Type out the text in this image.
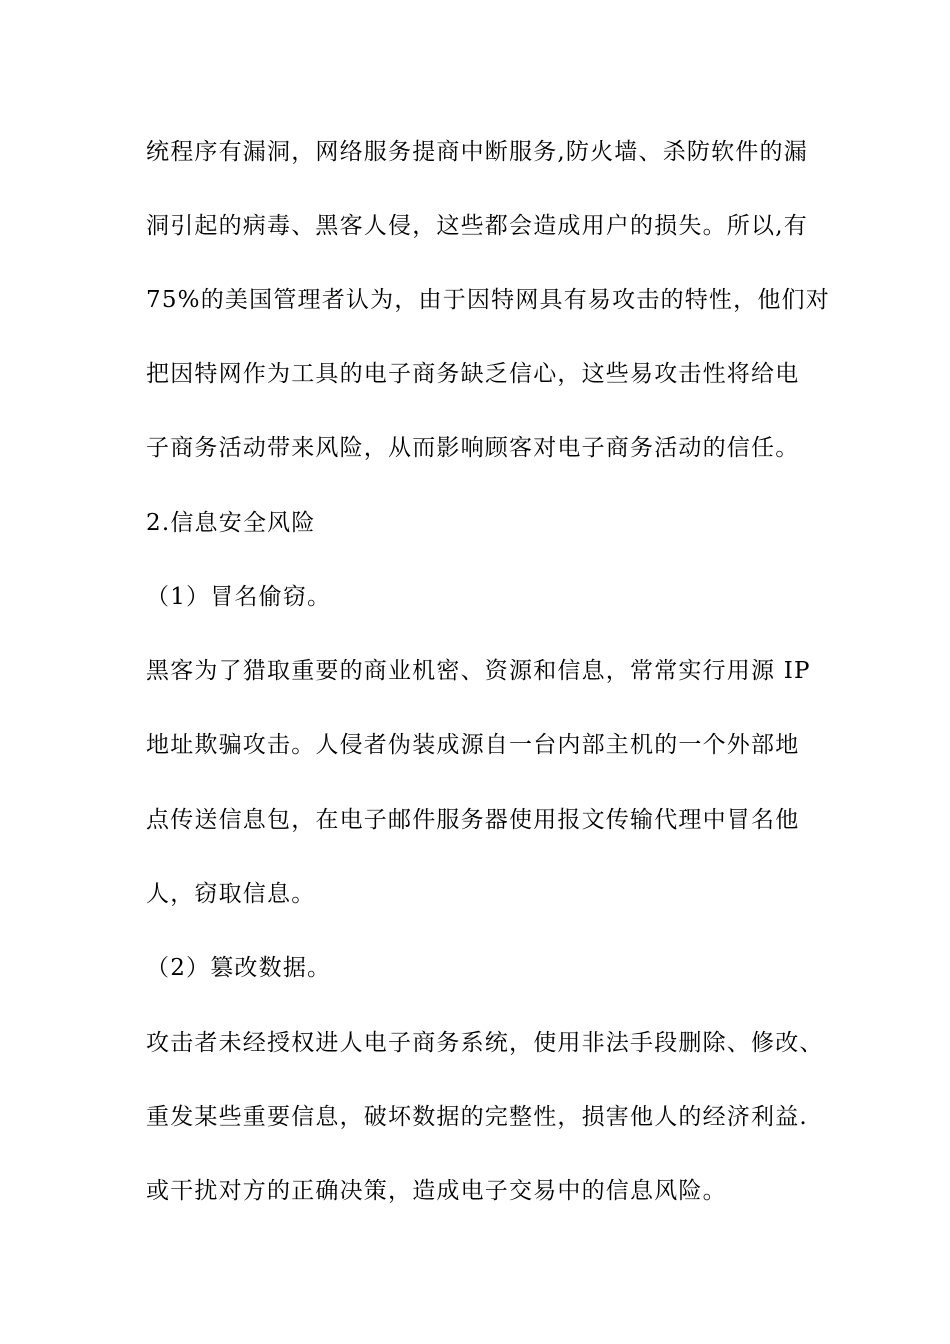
统程序有漏洞，网络服务提商中断服务,防火墙、杀防软件的漏
洞引起的病毒、黑客人侵，这些都会造成用户的损失。所以,有
75%的美国管理者认为，由于因特网具有易攻击的特性，他们对
把因特网作为工具的电子商务缺乏信心，这些易攻击性将给电
子商务活动带来风险，从而影响顾客对电子商务活动的信任。
2.信息安全风险
（1）冒名偷窃。
黑客为了猎取重要的商业机密、资源和信息，常常实行用源 IP
地址欺骗攻击。人侵者伪装成源自一台内部主机的一个外部地
点传送信息包，在电子邮件服务器使用报文传输代理中冒名他
人，窃取信息。
（2）篡改数据。
攻击者未经授权进人电子商务系统，使用非法手段删除、修改、
重发某些重要信息，破坏数据的完整性，损害他人的经济利益.
或干扰对方的正确决策，造成电子交易中的信息风险。
